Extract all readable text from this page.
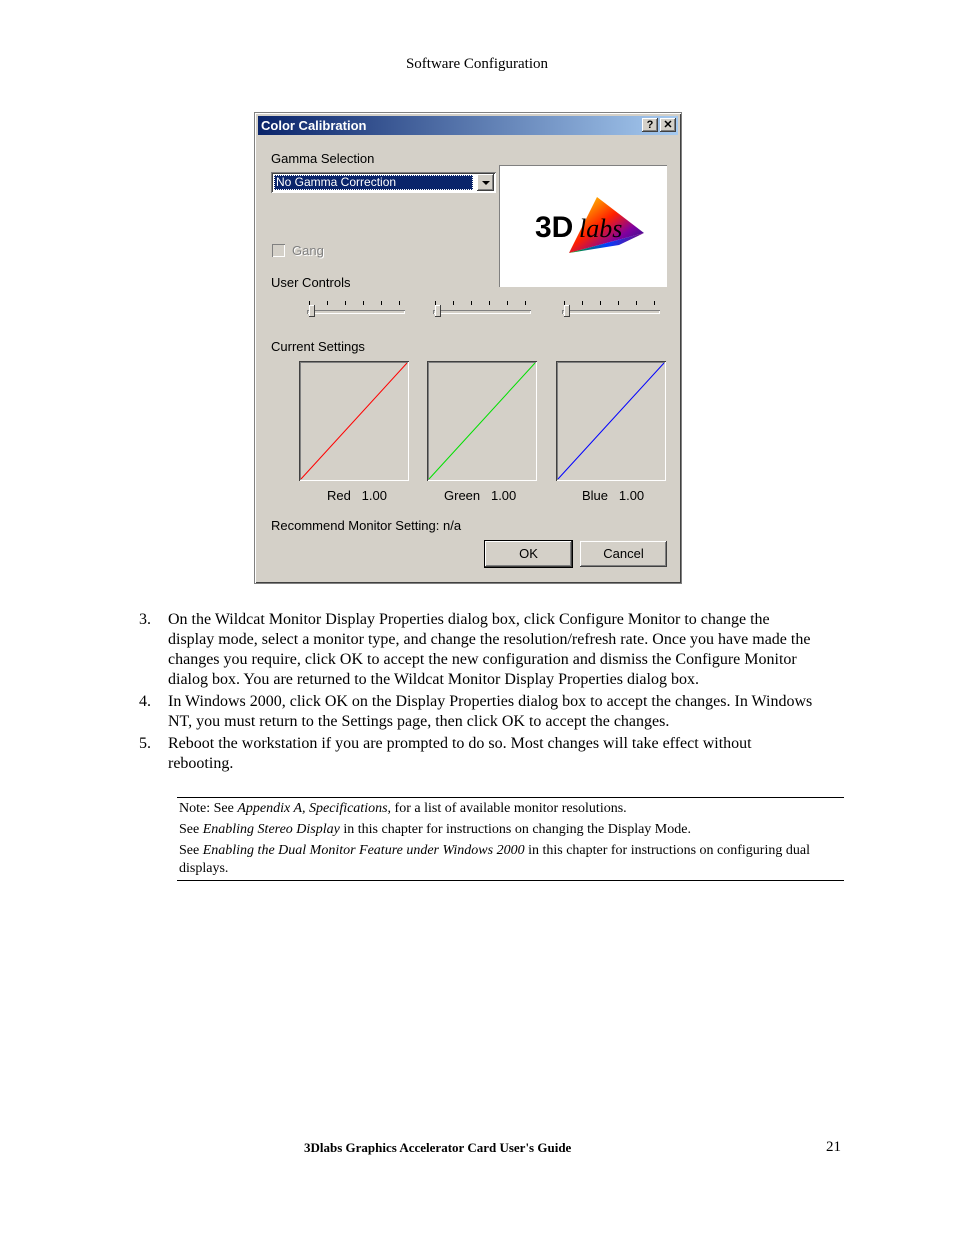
Software Configuration
Color Calibration	? ✕
Gamma Selection
No Gamma Correction
3D labs
Gang
User Controls
Current Settings
Red   1.00	Green   1.00	Blue   1.00
Recommend Monitor Setting: n/a
OK	Cancel
3. On the Wildcat Monitor Display Properties dialog box, click Configure Monitor to change the display mode, select a monitor type, and change the resolution/refresh rate. Once you have made the changes you require, click OK to accept the new configuration and dismiss the Configure Monitor dialog box. You are returned to the Wildcat Monitor Display Properties dialog box.
4. In Windows 2000, click OK on the Display Properties dialog box to accept the changes. In Windows NT, you must return to the Settings page, then click OK to accept the changes.
5. Reboot the workstation if you are prompted to do so. Most changes will take effect without rebooting.

Note: See Appendix A, Specifications, for a list of available monitor resolutions.

See Enabling Stereo Display in this chapter for instructions on changing the Display Mode.

See Enabling the Dual Monitor Feature under Windows 2000 in this chapter for instructions on configuring dual displays.

3Dlabs Graphics Accelerator Card User's Guide	21
